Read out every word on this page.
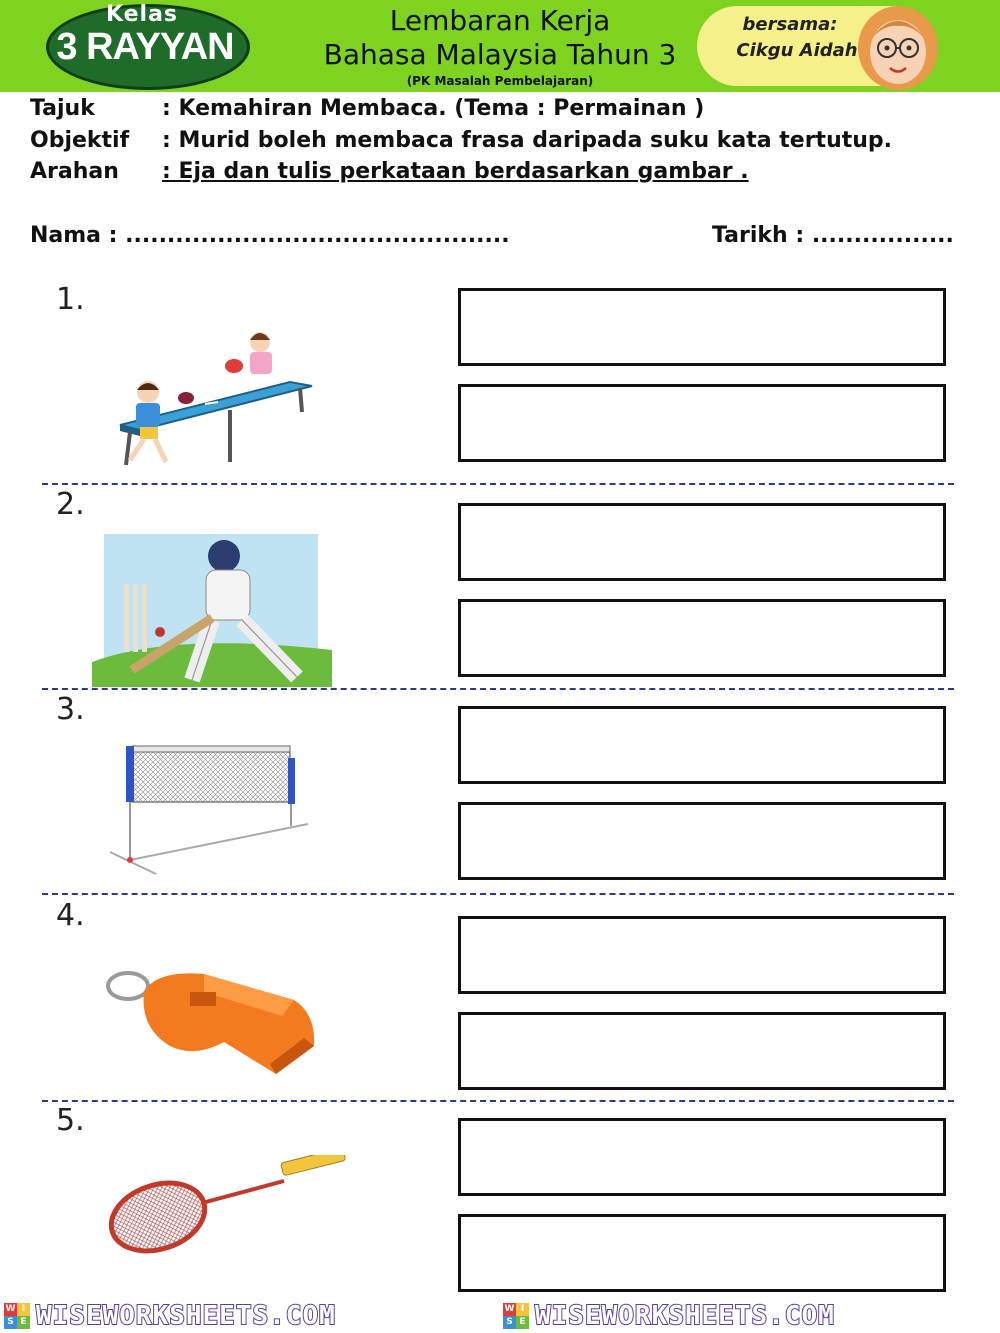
Kelas
3 RAYYAN
Lembaran Kerja
Bahasa Malaysia Tahun 3
(PK Masalah Pembelajaran)
bersama:
Cikgu Aidah
Tajuk	: Kemahiran Membaca. (Tema : Permainan )
Objektif : Murid boleh membaca frasa daripada suku kata tertutup.
Arahan : Eja dan tulis perkataan berdasarkan gambar .
Nama : ..............................................	Tarikh : .................
1.
2.
3.
4.
5.
W I
S E WISEWORKSHEETS.COM	W I
S E WISEWORKSHEETS.COM
